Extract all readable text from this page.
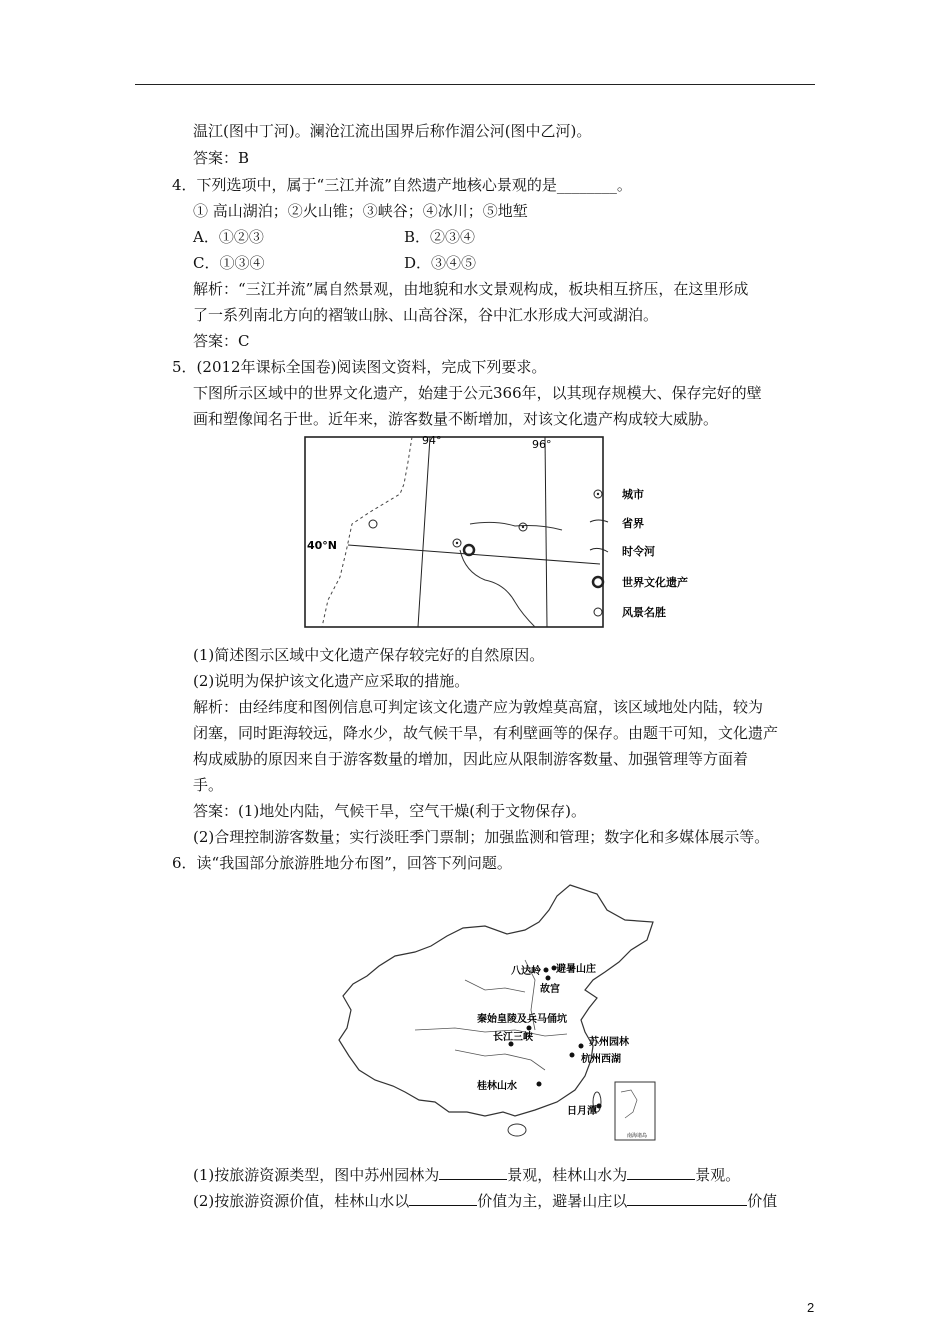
温江(图中丁河)。澜沧江流出国界后称作湄公河(图中乙河)。
答案：B
4．下列选项中，属于“三江并流”自然遗产地核心景观的是________。
① 高山湖泊；②火山锥；③峡谷；④冰川；⑤地堑
A．①②③	B．②③④
C．①③④	D．③④⑤
解析：“三江并流”属自然景观，由地貌和水文景观构成，板块相互挤压，在这里形成
了一系列南北方向的褶皱山脉、山高谷深，谷中汇水形成大河或湖泊。
答案：C
5．(2012年课标全国卷)阅读图文资料，完成下列要求。
下图所示区域中的世界文化遗产，始建于公元366年，以其现存规模大、保存完好的壁
画和塑像闻名于世。近年来，游客数量不断增加，对该文化遗产构成较大威胁。
94°	96°
40°N
城市
省界
时令河
世界文化遗产
风景名胜
(1)简述图示区域中文化遗产保存较完好的自然原因。
(2)说明为保护该文化遗产应采取的措施。
解析：由经纬度和图例信息可判定该文化遗产应为敦煌莫高窟，该区域地处内陆，较为
闭塞，同时距海较远，降水少，故气候干旱，有利壁画等的保存。由题干可知，文化遗产
构成威胁的原因来自于游客数量的增加，因此应从限制游客数量、加强管理等方面着
手。
答案：(1)地处内陆，气候干旱，空气干燥(利于文物保存)。
(2)合理控制游客数量；实行淡旺季门票制；加强监测和管理；数字化和多媒体展示等。
6．读“我国部分旅游胜地分布图”，回答下列问题。
南海诸岛
八达岭 避暑山庄
故宫
秦始皇陵及兵马俑坑
长江三峡	苏州园林
杭州西湖
桂林山水
日月潭
(1)按旅游资源类型，图中苏州园林为	景观，桂林山水为	景观。
(2)按旅游资源价值，桂林山水以	价值为主，避暑山庄以	价值
2
